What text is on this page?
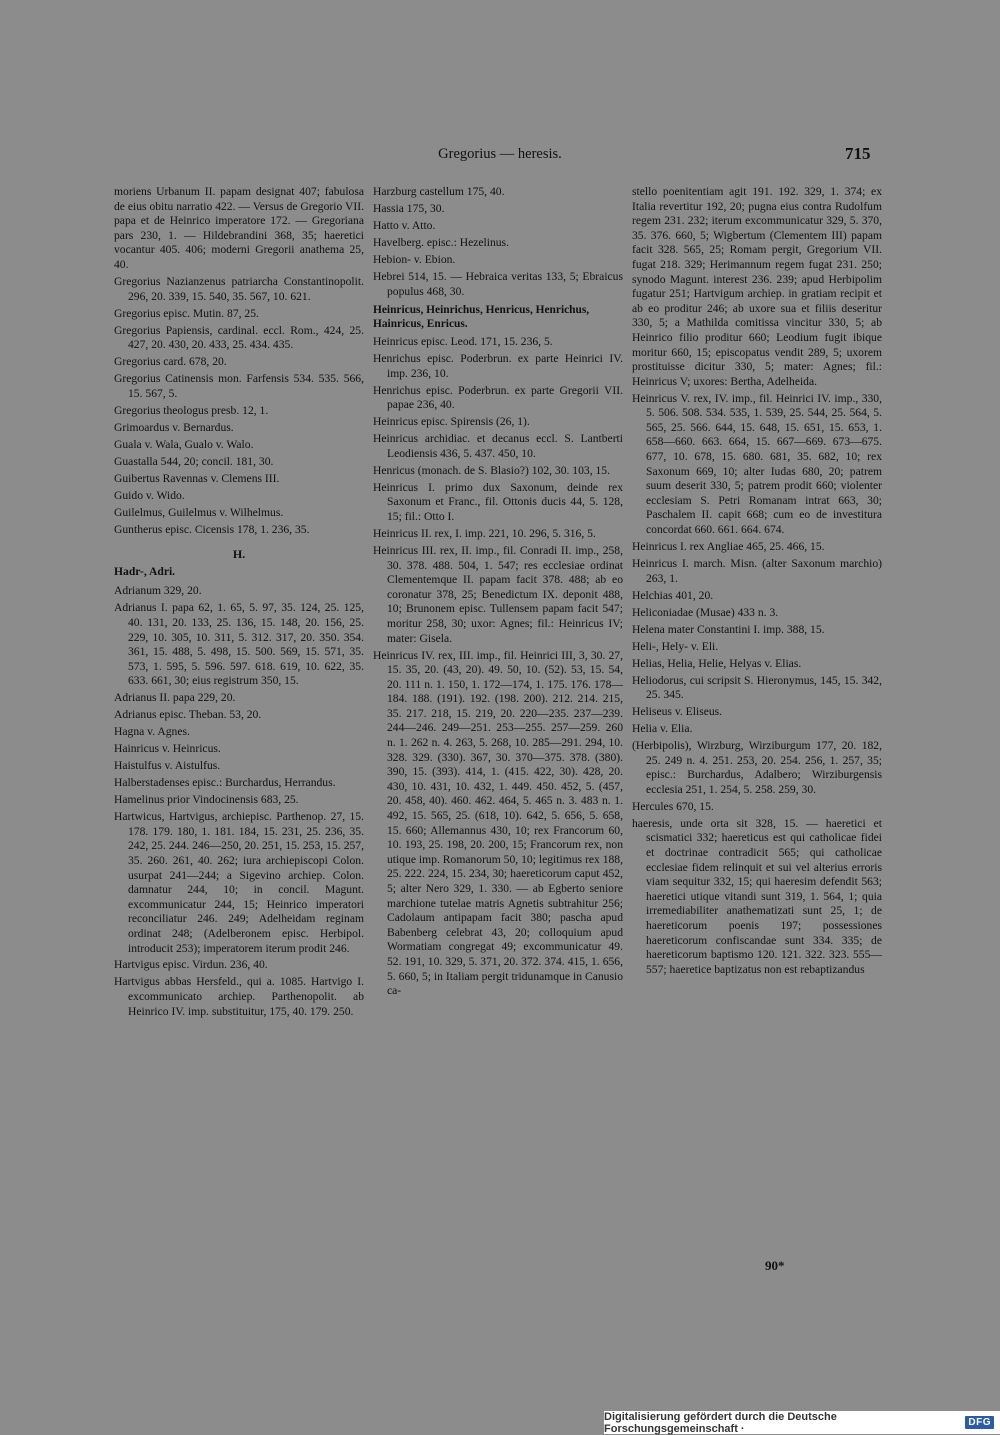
Gregorius — heresis.	715
moriens Urbanum II. papam designat 407; fabulosa de eius obitu narratio 422. — Versus de Gregorio VII. papa et de Heinrico imperatore 172. — Gregoriana pars 230, 1. — Hildebrandini 368, 35; haeretici vocantur 405. 406; moderni Gregorii anathema 25, 40.
Gregorius Nazianzenus patriarcha Constantinopolit. 296, 20. 339, 15. 540, 35. 567, 10. 621.
Gregorius episc. Mutin. 87, 25.
Gregorius Papiensis, cardinal. eccl. Rom., 424, 25. 427, 20. 430, 20. 433, 25. 434. 435.
Gregorius card. 678, 20.
Gregorius Catinensis mon. Farfensis 534. 535. 566, 15. 567, 5.
Gregorius theologus presb. 12, 1.
Grimoardus v. Bernardus.
Guala v. Wala, Gualo v. Walo.
Guastalla 544, 20; concil. 181, 30.
Guibertus Ravennas v. Clemens III.
Guido v. Wido.
Guilelmus, Guilelmus v. Wilhelmus.
Guntherus episc. Cicensis 178, 1. 236, 35.
H.
Hadr-, Adri.
Adrianum 329, 20.
Adrianus I. papa 62, 1. 65, 5. 97, 35. 124, 25. 125, 40. 131, 20. 133, 25. 136, 15. 148, 20. 156, 25. 229, 10. 305, 10. 311, 5. 312. 317, 20. 350. 354. 361, 15. 488, 5. 498, 15. 500. 569, 15. 571, 35. 573, 1. 595, 5. 596. 597. 618. 619, 10. 622, 35. 633. 661, 30; eius registrum 350, 15.
Adrianus II. papa 229, 20.
Adrianus episc. Theban. 53, 20.
Hagna v. Agnes.
Hainricus v. Heinricus.
Haistulfus v. Aistulfus.
Halberstadenses episc.: Burchardus, Herrandus.
Hamelinus prior Vindocinensis 683, 25.
Hartwicus, Hartvigus, archiepisc. Parthenop. 27, 15. 178. 179. 180, 1. 181. 184, 15. 231, 25. 236, 35. 242, 25. 244. 246—250, 20. 251, 15. 253, 15. 257, 35. 260. 261, 40. 262; iura archiepiscopi Colon. usurpat 241—244; a Sigevino archiep. Colon. damnatur 244, 10; in concil. Magunt. excommunicatur 244, 15; Heinrico imperatori reconciliatur 246. 249; Adelheidam reginam ordinat 248; (Adelberonem episc. Herbipol. introducit 253); imperatorem iterum prodit 246.
Hartvigus episc. Virdun. 236, 40.
Hartvigus abbas Hersfeld., qui a. 1085. Hartvigo I. excommunicato archiep. Parthenopolit. ab Heinrico IV. imp. substituitur, 175, 40. 179. 250.
Harzburg castellum 175, 40.
Hassia 175, 30.
Hatto v. Atto.
Havelberg. episc.: Hezelinus.
Hebion- v. Ebion.
Hebrei 514, 15. — Hebraica veritas 133, 5; Ebraicus populus 468, 30.
Heinricus, Heinrichus, Henricus, Henrichus, Hainricus, Enricus.
Heinricus episc. Leod. 171, 15. 236, 5.
Henrichus episc. Poderbrun. ex parte Heinrici IV. imp. 236, 10.
Henrichus episc. Poderbrun. ex parte Gregorii VII. papae 236, 40.
Heinricus episc. Spirensis (26, 1).
Heinricus archidiac. et decanus eccl. S. Lantberti Leodiensis 436, 5. 437. 450, 10.
Henricus (monach. de S. Blasio?) 102, 30. 103, 15.
Heinricus I. primo dux Saxonum, deinde rex Saxonum et Franc., fil. Ottonis ducis 44, 5. 128, 15; fil.: Otto I.
Heinricus II. rex, I. imp. 221, 10. 296, 5. 316, 5.
Heinricus III. rex, II. imp., fil. Conradi II. imp., 258, 30. 378. 488. 504, 1. 547; res ecclesiae ordinat Clementemque II. papam facit 378. 488; ab eo coronatur 378, 25; Benedictum IX. deponit 488, 10; Brunonem episc. Tullensem papam facit 547; moritur 258, 30; uxor: Agnes; fil.: Heinricus IV; mater: Gisela.
Heinricus IV. rex, III. imp., fil. Heinrici III, 3, 30. 27, 15. 35, 20. (43, 20). 49. 50, 10. (52). 53, 15. 54, 20. 111 n. 1. 150, 1. 172—174, 1. 175. 176. 178—184. 188. (191). 192. (198. 200). 212. 214. 215, 35. 217. 218, 15. 219, 20. 220—235. 237—239. 244—246. 249—251. 253—255. 257—259. 260 n. 1. 262 n. 4. 263, 5. 268, 10. 285—291. 294, 10. 328. 329. (330). 367, 30. 370—375. 378. (380). 390, 15. (393). 414, 1. (415. 422, 30). 428, 20. 430, 10. 431, 10. 432, 1. 449. 450. 452, 5. (457, 20. 458, 40). 460. 462. 464, 5. 465 n. 3. 483 n. 1. 492, 15. 565, 25. (618, 10). 642, 5. 656, 5. 658, 15. 660; Allemannus 430, 10; rex Francorum 60, 10. 193, 25. 198, 20. 200, 15; Francorum rex, non utique imp. Romanorum 50, 10; legitimus rex 188, 25. 222. 224, 15. 234, 30; haereticorum caput 452, 5; alter Nero 329, 1. 330. — ab Egberto seniore marchione tutelae matris Agnetis subtrahitur 256; Cadolaum antipapam facit 380; pascha apud Babenberg celebrat 43, 20; colloquium apud Wormatiam congregat 49; excommunicatur 49. 52. 191, 10. 329, 5. 371, 20. 372. 374. 415, 1. 656, 5. 660, 5; in Italiam pergit tridunamque in Canusio ca-
stello poenitentiam agit 191. 192. 329, 1. 374; ex Italia revertitur 192, 20; pugna eius contra Rudolfum regem 231. 232; iterum excommunicatur 329, 5. 370, 35. 376. 660, 5; Wigbertum (Clementem III) papam facit 328. 565, 25; Romam pergit, Gregorium VII. fugat 218. 329; Herimannum regem fugat 231. 250; synodo Magunt. interest 236. 239; apud Herbipolim fugatur 251; Hartvigum archiep. in gratiam recipit et ab eo proditur 246; ab uxore sua et filiis deseritur 330, 5; a Mathilda comitissa vincitur 330, 5; ab Heinrico filio proditur 660; Leodium fugit ibique moritur 660, 15; episcopatus vendit 289, 5; uxorem prostituisse dicitur 330, 5; mater: Agnes; fil.: Heinricus V; uxores: Bertha, Adelheida.
Heinricus V. rex, IV. imp., fil. Heinrici IV. imp., 330, 5. 506. 508. 534. 535, 1. 539, 25. 544, 25. 564, 5. 565, 25. 566. 644, 15. 648, 15. 651, 15. 653, 1. 658—660. 663. 664, 15. 667—669. 673—675. 677, 10. 678, 15. 680. 681, 35. 682, 10; rex Saxonum 669, 10; alter Iudas 680, 20; patrem suum deserit 330, 5; patrem prodit 660; violenter ecclesiam S. Petri Romanam intrat 663, 30; Paschalem II. capit 668; cum eo de investitura concordat 660. 661. 664. 674.
Heinricus I. rex Angliae 465, 25. 466, 15.
Heinricus I. march. Misn. (alter Saxonum marchio) 263, 1.
Helchias 401, 20.
Heliconiadae (Musae) 433 n. 3.
Helena mater Constantini I. imp. 388, 15.
Heli-, Hely- v. Eli.
Helias, Helia, Helie, Helyas v. Elias.
Heliodorus, cui scripsit S. Hieronymus, 145, 15. 342, 25. 345.
Heliseus v. Eliseus.
Helia v. Elia.
(Herbipolis), Wirzburg, Wirziburgum 177, 20. 182, 25. 249 n. 4. 251. 253, 20. 254. 256, 1. 257, 35; episc.: Burchardus, Adalbero; Wirziburgensis ecclesia 251, 1. 254, 5. 258. 259, 30.
Hercules 670, 15.
haeresis, unde orta sit 328, 15. — haeretici et scismatici 332; haereticus est qui catholicae fidei et doctrinae contradicit 565; qui catholicae ecclesiae fidem relinquit et sui vel alterius erroris viam sequitur 332, 15; qui haeresim defendit 563; haeretici utique vitandi sunt 319, 1. 564, 1; quia irremediabiliter anathematizati sunt 25, 1; de haereticorum poenis 197; possessiones haereticorum confiscandae sunt 334. 335; de haereticorum baptismo 120. 121. 322. 323. 555—557; haeretice baptizatus non est rebaptizandus
90*
Digitalisierung gefördert durch die Deutsche Forschungsgemeinschaft ·	DFG
